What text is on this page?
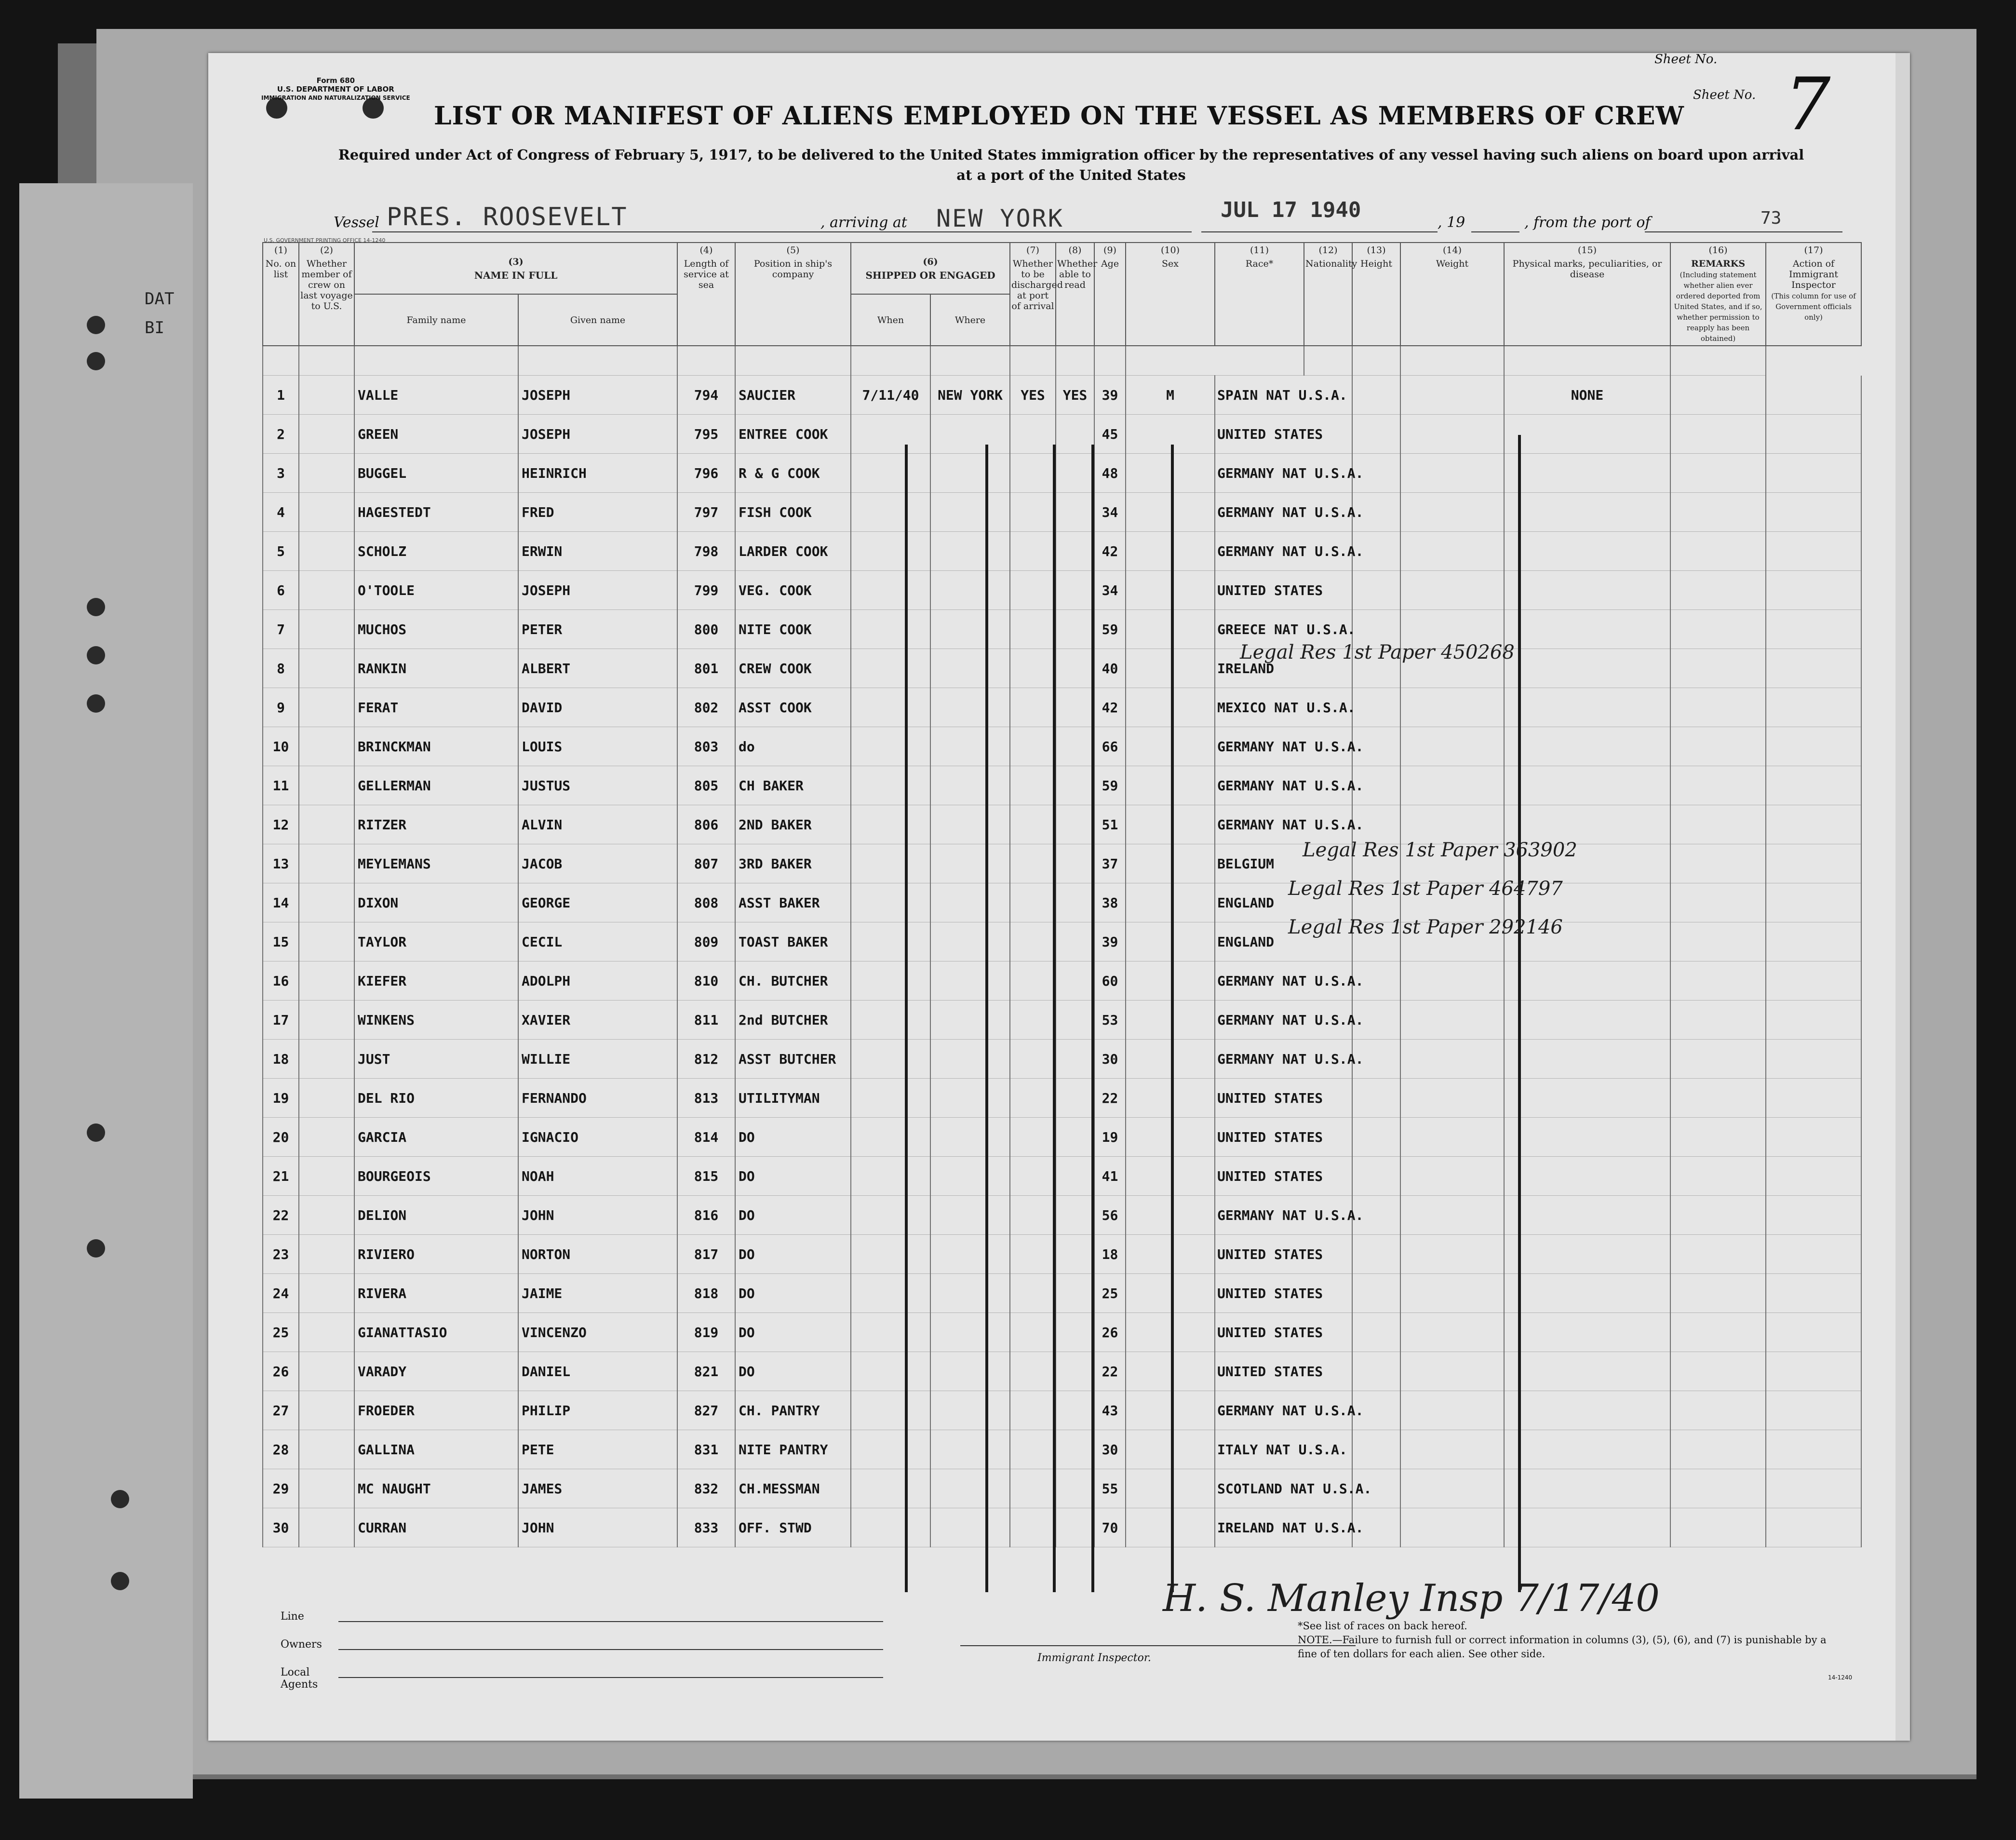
DAT
BI
Form 680
U.S. DEPARTMENT OF LABOR
IMMIGRATION AND NATURALIZATION SERVICE
Sheet No.
Sheet No. 7
LIST OR MANIFEST OF ALIENS EMPLOYED ON THE VESSEL AS MEMBERS OF CREW
Required under Act of Congress of February 5, 1917, to be delivered to the United States immigration officer by the representatives of any vessel having such aliens on board upon arrival at a port of the United States
Vessel PRES. ROOSEVELT	, arriving at NEW YORK	JUL 17 1940
, 19	, from the port of	73
U.S. GOVERNMENT PRINTING OFFICE 14-1240
(1)
No. on list	(2)
Whether member of crew on last voyage to U.S.	(3)
NAME IN FULL		(4)
Length of service at sea	(5)
Position in ship's company	(6)
SHIPPED OR ENGAGED		(7)
Whether to be discharged at port of arrival	(8)
Whether able to read	(9)
Age	(10)
Sex	(11)
Race*	(12)
Nationality	(13)
Height	(14)
Weight	(15)
Physical marks, peculiarities, or disease	(16)
REMARKS
(Including statement whether alien ever ordered deported from United States, and if so, whether permission to reapply has been obtained)	(17)
Action of Immigrant Inspector
(This column for use of Government officials only)
		Family name	Given name			When	Where											

1		VALLE	JOSEPH	794	SAUCIER	7/11/40	NEW YORK	YES	YES	39	M	SPAIN NAT U.S.A.				NONE		
2		GREEN	JOSEPH	795	ENTREE COOK					45		UNITED STATES						
3		BUGGEL	HEINRICH	796	R & G COOK					48		GERMANY NAT U.S.A.						
4		HAGESTEDT	FRED	797	FISH COOK					34		GERMANY NAT U.S.A.						
5		SCHOLZ	ERWIN	798	LARDER COOK					42		GERMANY NAT U.S.A.						
6		O'TOOLE	JOSEPH	799	VEG. COOK					34		UNITED STATES						
7		MUCHOS	PETER	800	NITE COOK					59		GREECE NAT U.S.A.						
8		RANKIN	ALBERT	801	CREW COOK					40		IRELAND						
9		FERAT	DAVID	802	ASST COOK					42		MEXICO NAT U.S.A.						
10		BRINCKMAN	LOUIS	803	do					66		GERMANY NAT U.S.A.						
11		GELLERMAN	JUSTUS	805	CH BAKER					59		GERMANY NAT U.S.A.						
12		RITZER	ALVIN	806	2ND BAKER					51		GERMANY NAT U.S.A.						
13		MEYLEMANS	JACOB	807	3RD BAKER					37		BELGIUM						
14		DIXON	GEORGE	808	ASST BAKER					38		ENGLAND						
15		TAYLOR	CECIL	809	TOAST BAKER					39		ENGLAND						
16		KIEFER	ADOLPH	810	CH. BUTCHER					60		GERMANY NAT U.S.A.						
17		WINKENS	XAVIER	811	2nd BUTCHER					53		GERMANY NAT U.S.A.						
18		JUST	WILLIE	812	ASST BUTCHER					30		GERMANY NAT U.S.A.						
19		DEL RIO	FERNANDO	813	UTILITYMAN					22		UNITED STATES						
20		GARCIA	IGNACIO	814	DO					19		UNITED STATES						
21		BOURGEOIS	NOAH	815	DO					41		UNITED STATES						
22		DELION	JOHN	816	DO					56		GERMANY NAT U.S.A.						
23		RIVIERO	NORTON	817	DO					18		UNITED STATES						
24		RIVERA	JAIME	818	DO					25		UNITED STATES						
25		GIANATTASIO	VINCENZO	819	DO					26		UNITED STATES						
26		VARADY	DANIEL	821	DO					22		UNITED STATES						
27		FROEDER	PHILIP	827	CH. PANTRY					43		GERMANY NAT U.S.A.						
28		GALLINA	PETE	831	NITE PANTRY					30		ITALY NAT U.S.A.						
29		MC NAUGHT	JAMES	832	CH.MESSMAN					55		SCOTLAND NAT U.S.A.						
30		CURRAN	JOHN	833	OFF. STWD					70		IRELAND NAT U.S.A.						
Legal Res 1st Paper 450268
Legal Res 1st Paper 363902
Legal Res 1st Paper 464797
Legal Res 1st Paper 292146
H. S. Manley Insp 7/17/40
Line
Owners
Local Agents
Immigrant Inspector.
*See list of races on back hereof.
NOTE.—Failure to furnish full or correct information in columns (3), (5), (6), and (7) is punishable by a fine of ten dollars for each alien. See other side.
14-1240
